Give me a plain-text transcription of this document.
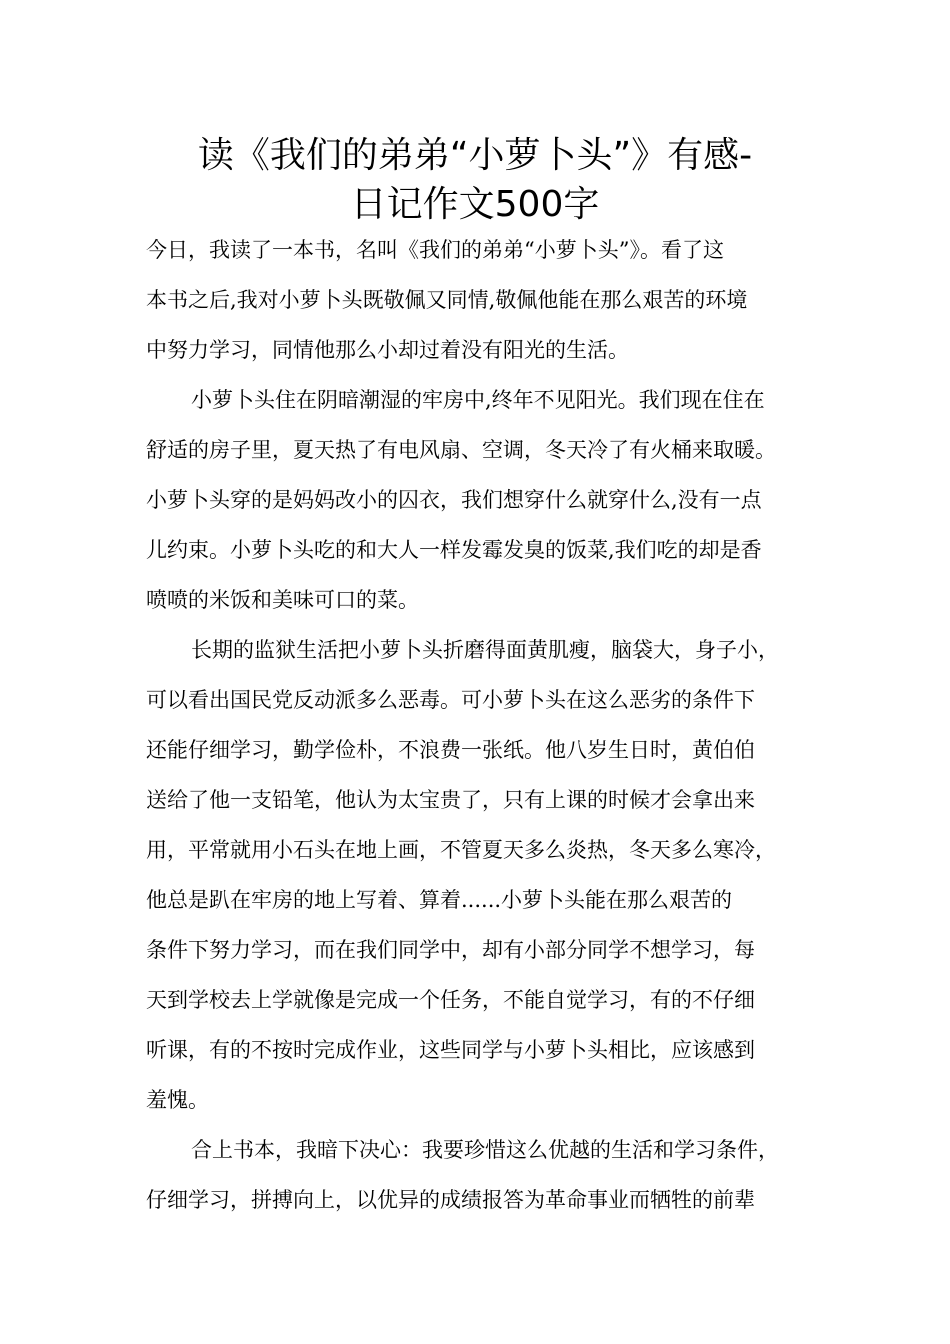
读《我们的弟弟“小萝卜头”》有感-
日记作文500字
今日，我读了一本书，名叫《我们的弟弟“小萝卜头”》。看了这
本书之后,我对小萝卜头既敬佩又同情,敬佩他能在那么艰苦的环境
中努力学习，同情他那么小却过着没有阳光的生活。
小萝卜头住在阴暗潮湿的牢房中,终年不见阳光。我们现在住在
舒适的房子里，夏天热了有电风扇、空调，冬天冷了有火桶来取暖。
小萝卜头穿的是妈妈改小的囚衣，我们想穿什么就穿什么,没有一点
儿约束。小萝卜头吃的和大人一样发霉发臭的饭菜,我们吃的却是香
喷喷的米饭和美味可口的菜。
长期的监狱生活把小萝卜头折磨得面黄肌瘦，脑袋大，身子小，
可以看出国民党反动派多么恶毒。可小萝卜头在这么恶劣的条件下
还能仔细学习，勤学俭朴，不浪费一张纸。他八岁生日时，黄伯伯
送给了他一支铅笔，他认为太宝贵了，只有上课的时候才会拿出来
用，平常就用小石头在地上画，不管夏天多么炎热，冬天多么寒冷，
他总是趴在牢房的地上写着、算着......小萝卜头能在那么艰苦的
条件下努力学习，而在我们同学中，却有小部分同学不想学习，每
天到学校去上学就像是完成一个任务，不能自觉学习，有的不仔细
听课，有的不按时完成作业，这些同学与小萝卜头相比，应该感到
羞愧。
合上书本，我暗下决心：我要珍惜这么优越的生活和学习条件，
仔细学习，拼搏向上，以优异的成绩报答为革命事业而牺牲的前辈
